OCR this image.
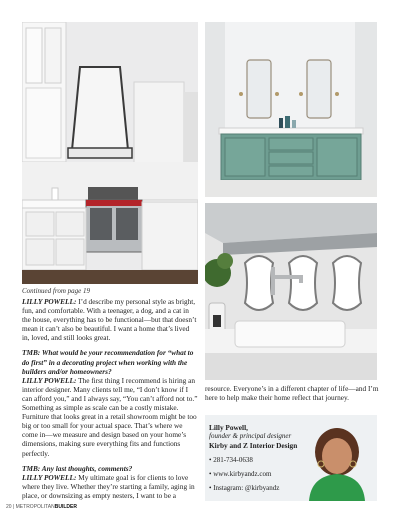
Continued from page 19

LILLY POWELL: I’d describe my personal style as bright, fun, and comfortable. With a teenager, a dog, and a cat in the house, everything has to be functional—but that doesn’t mean it can’t also be beautiful. I want a home that’s lived in, loved, and still looks great.

TMB: What would be your recommendation for “what to do first” in a decorating project when working with the builders and/or homeowners?

LILLY POWELL: The first thing I recommend is hiring an interior designer. Many clients tell me, “I don’t know if I can afford you,” and I always say, “You can’t afford not to.” Something as simple as scale can be a costly mistake. Furniture that looks great in a retail showroom might be too big or too small for your actual space. That’s where we come in—we measure and design based on your home’s dimensions, making sure everything fits and functions perfectly.

TMB: Any last thoughts, comments?

LILLY POWELL: My ultimate goal is for clients to love where they live. Whether they’re starting a family, aging in place, or downsizing as empty nesters, I want to be a

resource. Everyone’s in a different chapter of life—and I’m here to help make their home reflect that journey.

Lilly Powell,
founder & principal designer
Kirby and Z Interior Design
• 281-734-0638
• www.kirbyandz.com
• Instagram: @kirbyandz
20 | METROPOLITANBUILDER
